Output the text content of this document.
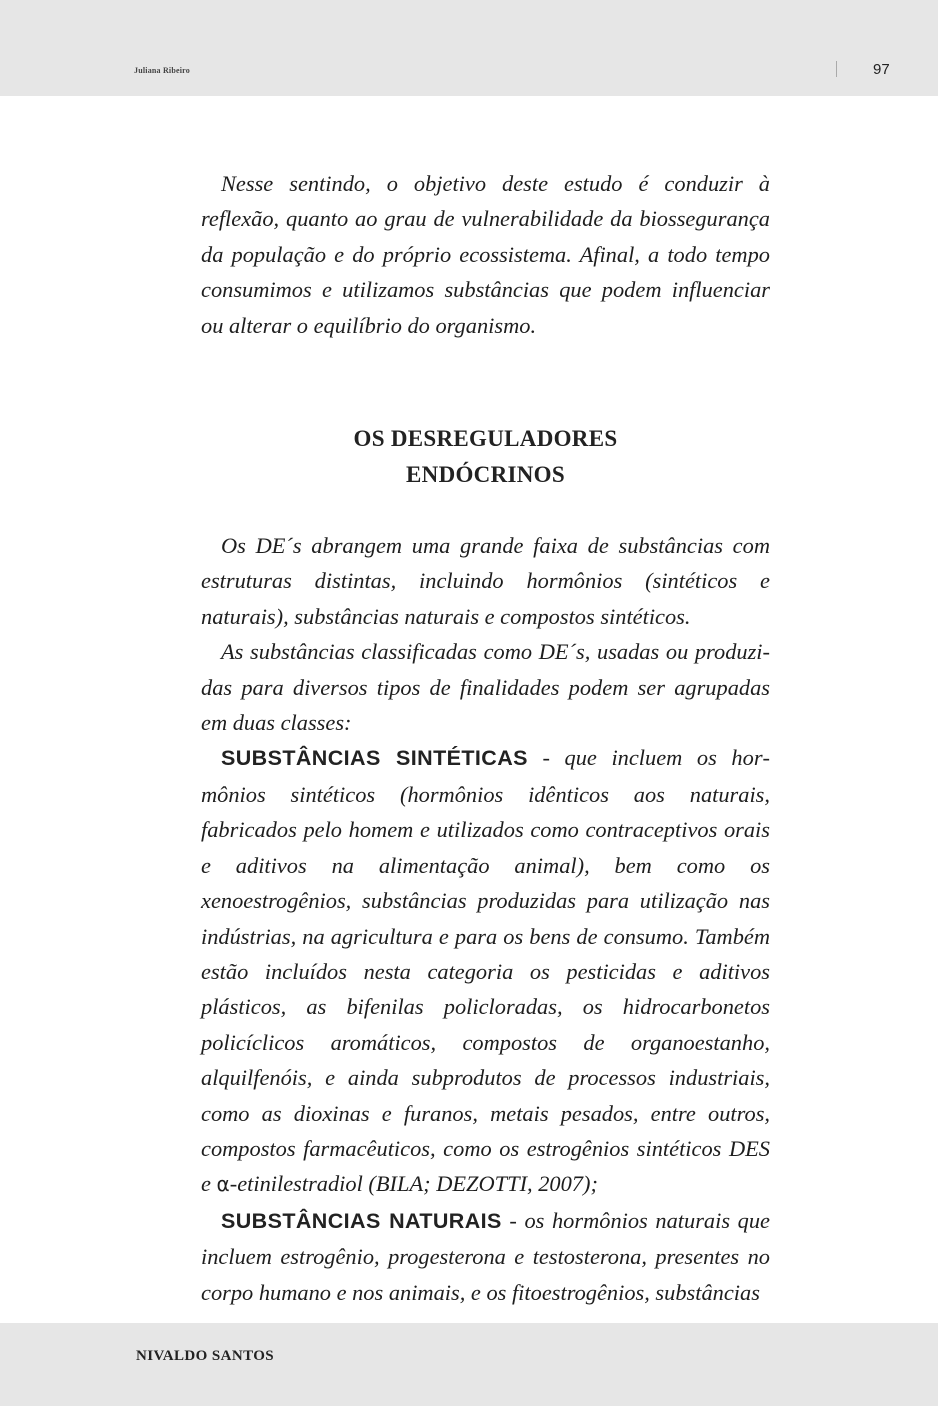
Juliana Ribeiro	97

Nesse sentindo, o objetivo deste estudo é conduzir à reflexão, quanto ao grau de vulnerabilidade da biossegurança da população e do próprio ecossistema. Afinal, a todo tempo consumimos e utilizamos substâncias que podem influenciar ou alterar o equilíbrio do organismo.

OS DESREGULADORES
ENDÓCRINOS

Os DE´s abrangem uma grande faixa de substâncias com estruturas distintas, incluindo hormônios (sintéticos e naturais), substâncias naturais e compostos sintéticos.

As substâncias classificadas como DE´s, usadas ou produzidas para diversos tipos de finalidades podem ser agrupadas em duas classes:

SUBSTÂNCIAS SINTÉTICAS - que incluem os hormônios sintéticos (hormônios idênticos aos naturais, fabricados pelo homem e utilizados como contraceptivos orais e aditivos na alimentação animal), bem como os xenoestrogênios, substâncias produzidas para utilização nas indústrias, na agricultura e para os bens de consumo. Também estão incluídos nesta categoria os pesticidas e aditivos plásticos, as bifenilas policloradas, os hidrocarbonetos policíclicos aromáticos, compostos de organoestanho, alquilfenóis, e ainda subprodutos de processos industriais, como as dioxinas e furanos, metais pesados, entre outros, compostos farmacêuticos, como os estrogênios sintéticos DES e α-etinilestradiol (BILA; DEZOTTI, 2007);

SUBSTÂNCIAS NATURAIS - os hormônios naturais que incluem estrogênio, progesterona e testosterona, presentes no corpo humano e nos animais, e os fitoestrogênios, substâncias

NIVALDO SANTOS
